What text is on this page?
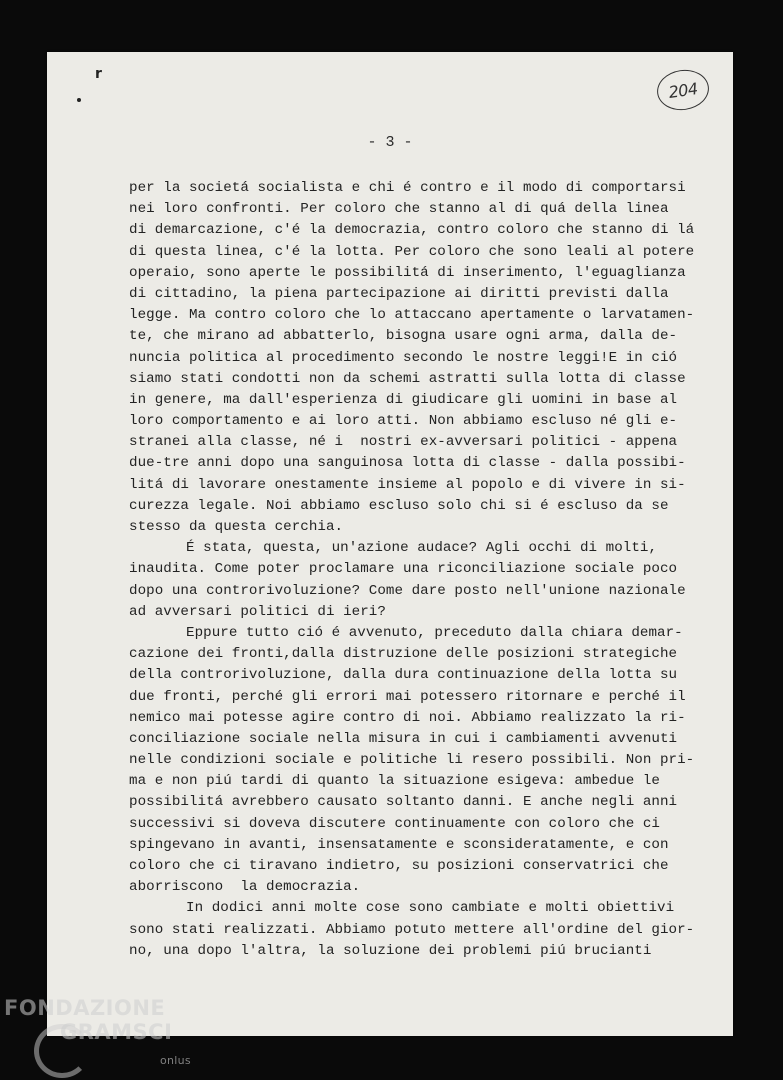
r
204
- 3 -
per la societá socialista e chi é contro e il modo di comportarsi
nei loro confronti. Per coloro che stanno al di quá della linea
di demarcazione, c'é la democrazia, contro coloro che stanno di lá
di questa linea, c'é la lotta. Per coloro che sono leali al potere
operaio, sono aperte le possibilitá di inserimento, l'eguaglianza
di cittadino, la piena partecipazione ai diritti previsti dalla
legge. Ma contro coloro che lo attaccano apertamente o larvatamen-
te, che mirano ad abbatterlo, bisogna usare ogni arma, dalla de-
nuncia politica al procedimento secondo le nostre leggi!E in ció
siamo stati condotti non da schemi astratti sulla lotta di classe
in genere, ma dall'esperienza di giudicare gli uomini in base al
loro comportamento e ai loro atti. Non abbiamo escluso né gli e-
stranei alla classe, né i  nostri ex-avversari politici - appena
due-tre anni dopo una sanguinosa lotta di classe - dalla possibi-
litá di lavorare onestamente insieme al popolo e di vivere in si-
curezza legale. Noi abbiamo escluso solo chi si é escluso da se
stesso da questa cerchia.
É stata, questa, un'azione audace? Agli occhi di molti,
inaudita. Come poter proclamare una riconciliazione sociale poco
dopo una controrivoluzione? Come dare posto nell'unione nazionale
ad avversari politici di ieri?
Eppure tutto ció é avvenuto, preceduto dalla chiara demar-
cazione dei fronti,dalla distruzione delle posizioni strategiche
della controrivoluzione, dalla dura continuazione della lotta su
due fronti, perché gli errori mai potessero ritornare e perché il
nemico mai potesse agire contro di noi. Abbiamo realizzato la ri-
conciliazione sociale nella misura in cui i cambiamenti avvenuti
nelle condizioni sociale e politiche li resero possibili. Non pri-
ma e non piú tardi di quanto la situazione esigeva: ambedue le
possibilitá avrebbero causato soltanto danni. E anche negli anni
successivi si doveva discutere continuamente con coloro che ci
spingevano in avanti, insensatamente e sconsideratamente, e con
coloro che ci tiravano indietro, su posizioni conservatrici che
aborriscono  la democrazia.
In dodici anni molte cose sono cambiate e molti obiettivi
sono stati realizzati. Abbiamo potuto mettere all'ordine del gior-
no, una dopo l'altra, la soluzione dei problemi piú brucianti
FONDAZIONE
GRAMSCI
onlus
